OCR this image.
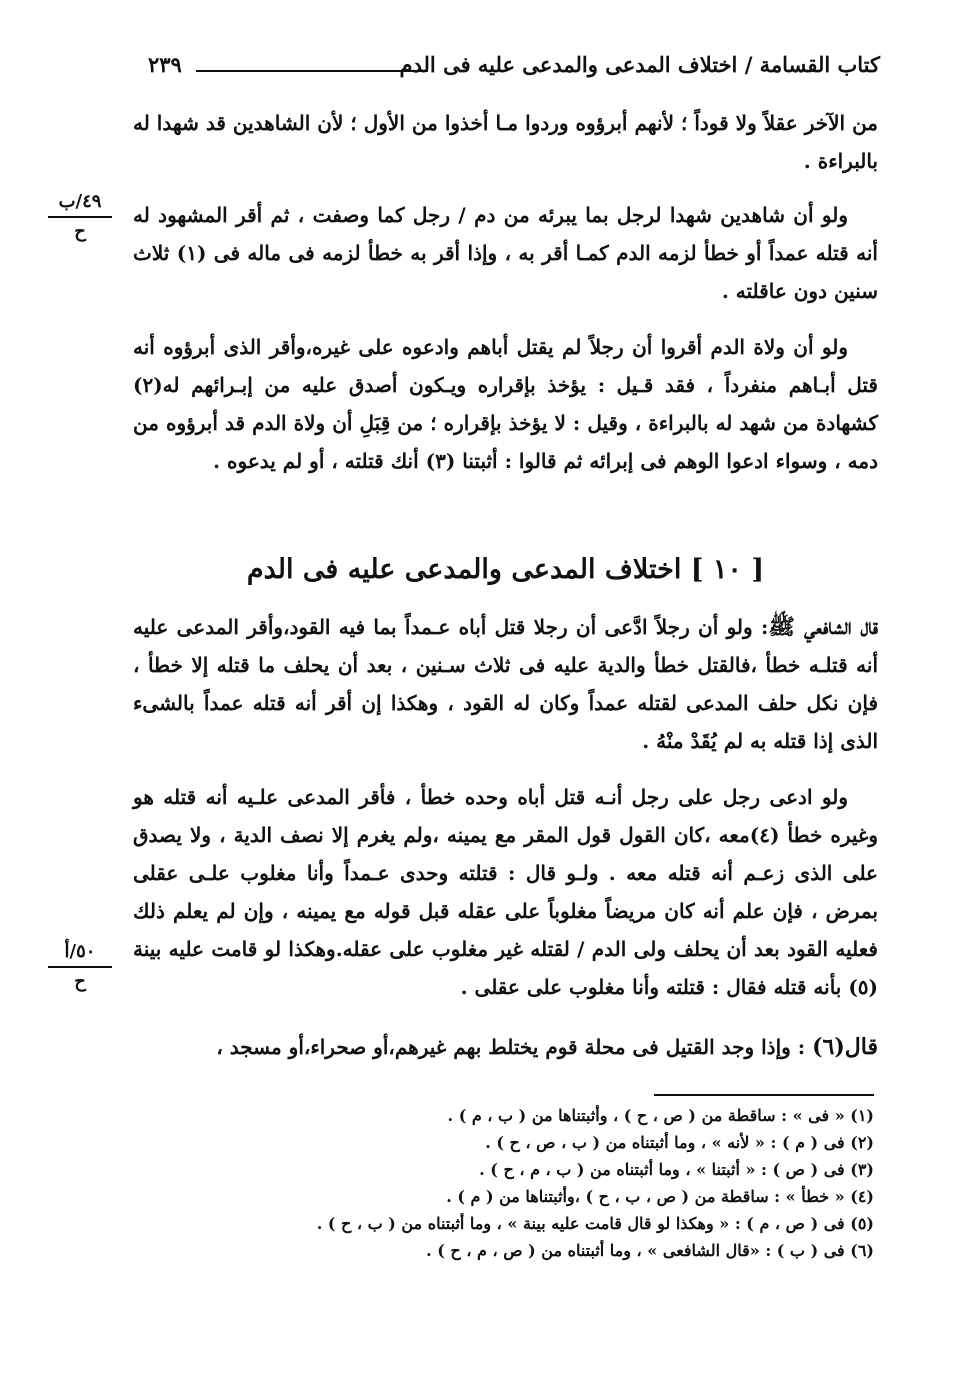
كتاب القسامة / اختلاف المدعى والمدعى عليه فى الدم
٢٣٩
٤٩/ب
ح
٥٠/أ
ح
من الآخر عقلاً ولا قوداً ؛ لأنهم أبرؤوه وردوا مـا أخذوا من الأول ؛ لأن الشاهدين قد شهدا له بالبراءة .
ولو أن شاهدين شهدا لرجل بما يبرئه من دم / رجل كما وصفت ، ثم أقر المشهود له أنه قتله عمداً أو خطأ لزمه الدم كمـا أقر به ، وإذا أقر به خطأ لزمه فى ماله فى (١) ثلاث سنين دون عاقلته .
ولو أن ولاة الدم أقروا أن رجلاً لم يقتل أباهم وادعوه على غيره،وأقر الذى أبرؤوه أنه قتل أبـاهم منفرداً ، فقد قـيل : يؤخذ بإقراره ويـكون أصدق عليه من إبـرائهم له(٢) كشهادة من شهد له بالبراءة ، وقيل : لا يؤخذ بإقراره ؛ من قِبَلِ أن ولاة الدم قد أبرؤوه من دمه ، وسواء ادعوا الوهم فى إبرائه ثم قالوا : أثبتنا (٣) أنك قتلته ، أو لم يدعوه .
[ ١٠ ] اختلاف المدعى والمدعى عليه فى الدم
قال الشافعي ﷺ: ولو أن رجلاً ادَّعى أن رجلا قتل أباه عـمداً بما فيه القود،وأقر المدعى عليه أنه قتلـه خطأ ،فالقتل خطأ والدية عليه فى ثلاث سـنين ، بعد أن يحلف ما قتله إلا خطأ ، فإن نكل حلف المدعى لقتله عمداً وكان له القود ، وهكذا إن أقر أنه قتله عمداً بالشىء الذى إذا قتله به لم يُقَدْ منْهُ .
ولو ادعى رجل على رجل أنـه قتل أباه وحده خطأ ، فأقر المدعى علـيه أنه قتله هو وغيره خطأ (٤)معه ،كان القول قول المقر مع يمينه ،ولم يغرم إلا نصف الدية ، ولا يصدق على الذى زعـم أنه قتله معه . ولـو قال : قتلته وحدى عـمداً وأنا مغلوب علـى عقلى بمرض ، فإن علم أنه كان مريضاً مغلوباً على عقله قبل قوله مع يمينه ، وإن لم يعلم ذلك فعليه القود بعد أن يحلف ولى الدم / لقتله غير مغلوب على عقله.وهكذا لو قامت عليه بينة (٥) بأنه قتله فقال : قتلته وأنا مغلوب على عقلى .
قال(٦) : وإذا وجد القتيل فى محلة قوم يختلط بهم غيرهم،أو صحراء،أو مسجد ،
(١) « فى » : ساقطة من ( ص ، ح ) ، وأثبتناها من ( ب ، م ) .
(٢) فى ( م ) : « لأنه » ، وما أثبتناه من ( ب ، ص ، ح ) .
(٣) فى ( ص ) : « أثبتنا » ، وما أثبتناه من ( ب ، م ، ح ) .
(٤) « خطأ » : ساقطة من ( ص ، ب ، ح ) ،وأثبتناها من ( م ) .
(٥) فى ( ص ، م ) : « وهكذا لو قال قامت عليه بينة » ، وما أثبتناه من ( ب ، ح ) .
(٦) فى ( ب ) : «قال الشافعى » ، وما أثبتناه من ( ص ، م ، ح ) .
